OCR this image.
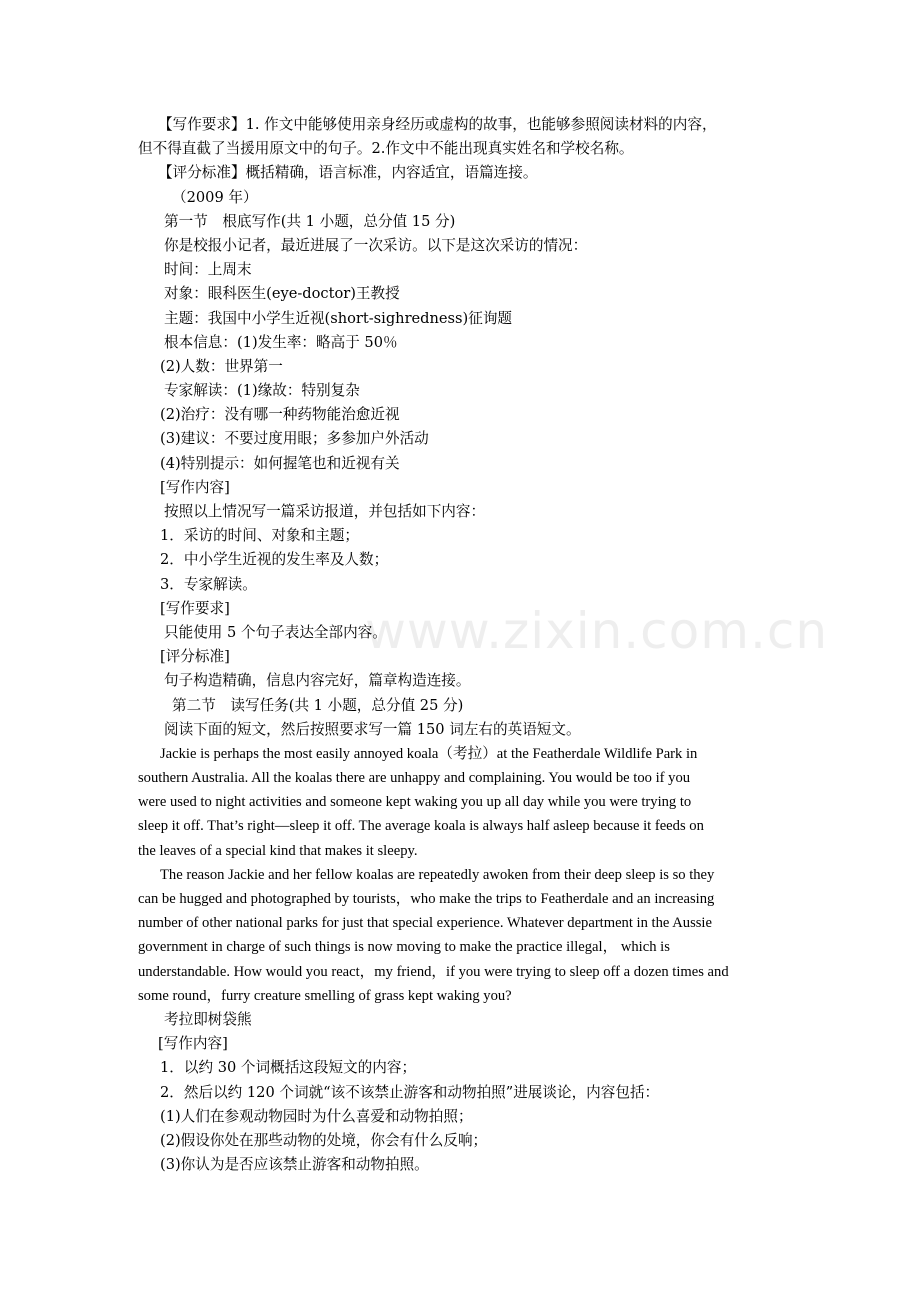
www.zixin.com.cn
【写作要求】1. 作文中能够使用亲身经历或虚构的故事，也能够参照阅读材料的内容，
但不得直截了当援用原文中的句子。2.作文中不能出现真实姓名和学校名称。
【评分标准】概括精确，语言标准，内容适宜，语篇连接。
（2009 年）
第一节　根底写作(共 1 小题，总分值 15 分)
你是校报小记者，最近进展了一次采访。以下是这次采访的情况：
时间：上周末
对象：眼科医生(eye-doctor)王教授
主题：我国中小学生近视(short-sighredness)征询题
根本信息：(1)发生率：略高于 50％
(2)人数：世界第一
专家解读：(1)缘故：特别复杂
(2)治疗：没有哪一种药物能治愈近视
(3)建议：不要过度用眼；多参加户外活动
(4)特别提示：如何握笔也和近视有关
[写作内容]
按照以上情况写一篇采访报道，并包括如下内容：
1．采访的时间、对象和主题；
2．中小学生近视的发生率及人数；
3．专家解读。
[写作要求]
只能使用 5 个句子表达全部内容。
[评分标准]
句子构造精确，信息内容完好，篇章构造连接。
第二节　读写任务(共 1 小题，总分值 25 分)
阅读下面的短文，然后按照要求写一篇 150 词左右的英语短文。
Jackie is perhaps the most easily annoyed koala（考拉）at the Featherdale Wildlife Park in
southern Australia. All the koalas there are unhappy and complaining. You would be too if you
were used to night activities and someone kept waking you up all day while you were trying to
sleep it off. That’s right—sleep it off. The average koala is always half asleep because it feeds on
the leaves of a special kind that makes it sleepy.
The reason Jackie and her fellow koalas are repeatedly awoken from their deep sleep is so they
can be hugged and photographed by tourists，who make the trips to Featherdale and an increasing
number of other national parks for just that special experience. Whatever department in the Aussie
government in charge of such things is now moving to make the practice illegal， which is
understandable. How would you react，my friend，if you were trying to sleep off a dozen times and
some round，furry creature smelling of grass kept waking you?
考拉即树袋熊
[写作内容]
1．以约 30 个词概括这段短文的内容；
2．然后以约 120 个词就“该不该禁止游客和动物拍照”进展谈论，内容包括：
(1)人们在参观动物园时为什么喜爱和动物拍照；
(2)假设你处在那些动物的处境，你会有什么反响；
(3)你认为是否应该禁止游客和动物拍照。
